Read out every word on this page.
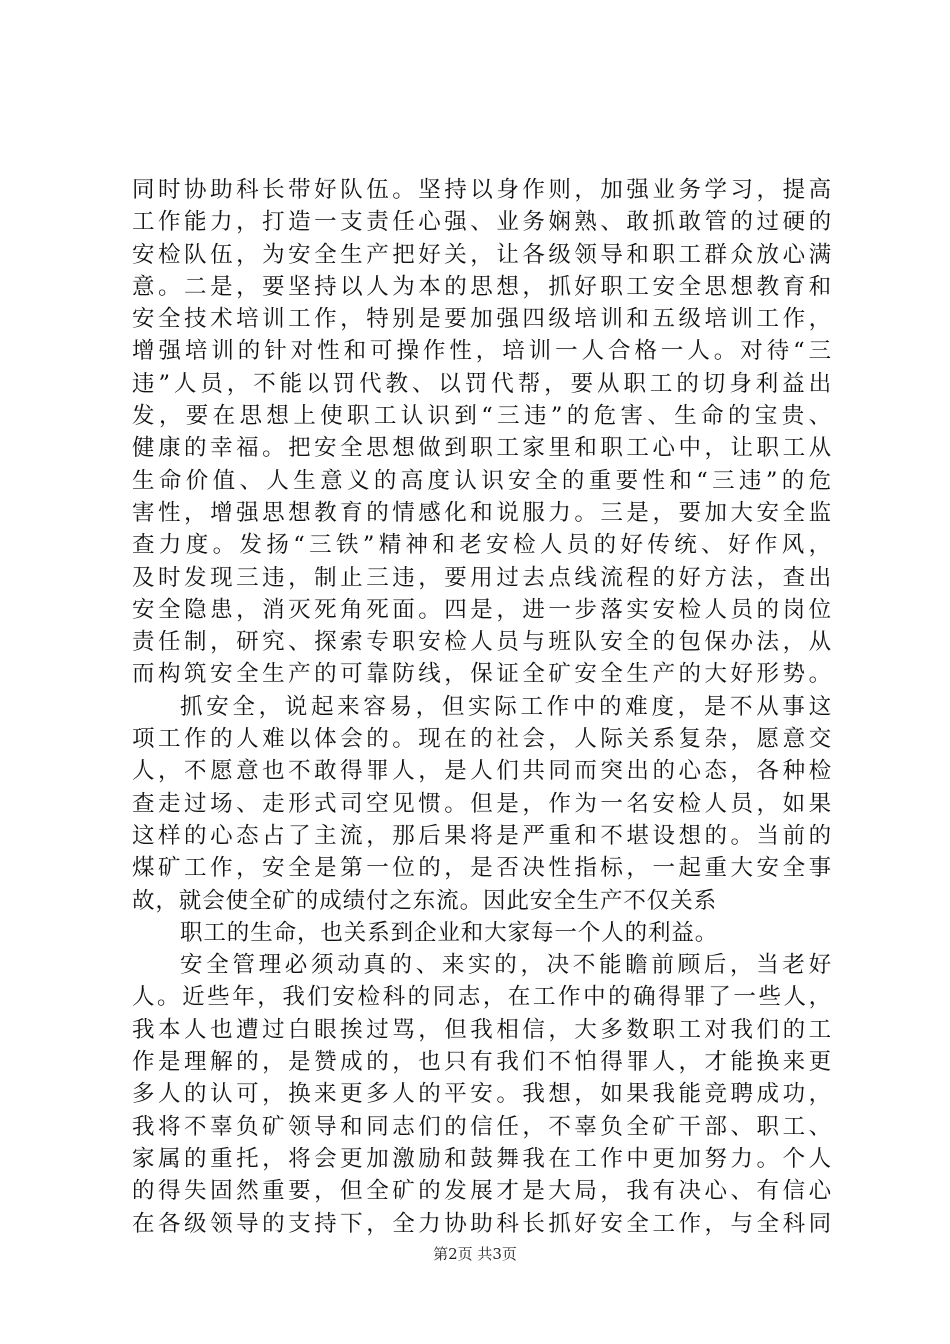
同时协助科长带好队伍。坚持以身作则，加强业务学习，提高
工作能力，打造一支责任心强、业务娴熟、敢抓敢管的过硬的
安检队伍，为安全生产把好关，让各级领导和职工群众放心满
意。二是，要坚持以人为本的思想，抓好职工安全思想教育和
安全技术培训工作，特别是要加强四级培训和五级培训工作，
增强培训的针对性和可操作性，培训一人合格一人。对待“三
违”人员，不能以罚代教、以罚代帮，要从职工的切身利益出
发，要在思想上使职工认识到“三违”的危害、生命的宝贵、
健康的幸福。把安全思想做到职工家里和职工心中，让职工从
生命价值、人生意义的高度认识安全的重要性和“三违”的危
害性，增强思想教育的情感化和说服力。三是，要加大安全监
查力度。发扬“三铁”精神和老安检人员的好传统、好作风，
及时发现三违，制止三违，要用过去点线流程的好方法，查出
安全隐患，消灭死角死面。四是，进一步落实安检人员的岗位
责任制，研究、探索专职安检人员与班队安全的包保办法，从
而构筑安全生产的可靠防线，保证全矿安全生产的大好形势。
抓安全，说起来容易，但实际工作中的难度，是不从事这
项工作的人难以体会的。现在的社会，人际关系复杂，愿意交
人，不愿意也不敢得罪人，是人们共同而突出的心态，各种检
查走过场、走形式司空见惯。但是，作为一名安检人员，如果
这样的心态占了主流，那后果将是严重和不堪设想的。当前的
煤矿工作，安全是第一位的，是否决性指标，一起重大安全事
故，就会使全矿的成绩付之东流。因此安全生产不仅关系
职工的生命，也关系到企业和大家每一个人的利益。
安全管理必须动真的、来实的，决不能瞻前顾后，当老好
人。近些年，我们安检科的同志，在工作中的确得罪了一些人，
我本人也遭过白眼挨过骂，但我相信，大多数职工对我们的工
作是理解的，是赞成的，也只有我们不怕得罪人，才能换来更
多人的认可，换来更多人的平安。我想，如果我能竞聘成功，
我将不辜负矿领导和同志们的信任，不辜负全矿干部、职工、
家属的重托，将会更加激励和鼓舞我在工作中更加努力。个人
的得失固然重要，但全矿的发展才是大局，我有决心、有信心
在各级领导的支持下，全力协助科长抓好安全工作，与全科同
第2页 共3页
